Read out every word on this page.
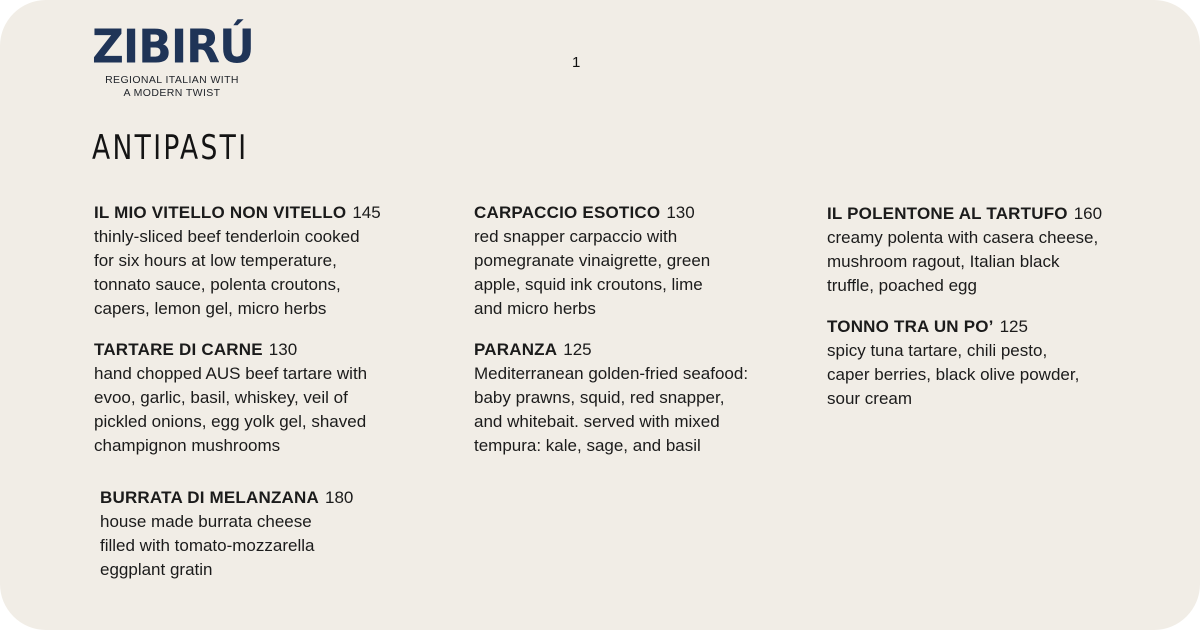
ZIBIRÚ
REGIONAL ITALIAN WITH
A MODERN TWIST
1
ANTIPASTI
IL MIO VITELLO NON VITELLO 145
thinly-sliced beef tenderloin cooked
for six hours at low temperature,
tonnato sauce, polenta croutons,
capers, lemon gel, micro herbs
TARTARE DI CARNE 130
hand chopped AUS beef tartare with
evoo, garlic, basil, whiskey, veil of
pickled onions, egg yolk gel, shaved
champignon mushrooms
BURRATA DI MELANZANA 180
house made burrata cheese
filled with tomato-mozzarella
eggplant gratin
CARPACCIO ESOTICO 130
red snapper carpaccio with
pomegranate vinaigrette, green
apple, squid ink croutons, lime
and micro herbs
PARANZA 125
Mediterranean golden-fried seafood:
baby prawns, squid, red snapper,
and whitebait. served with mixed
tempura: kale, sage, and basil
IL POLENTONE AL TARTUFO 160
creamy polenta with casera cheese,
mushroom ragout, Italian black
truffle, poached egg
TONNO TRA UN PO’ 125
spicy tuna tartare, chili pesto,
caper berries, black olive powder,
sour cream
